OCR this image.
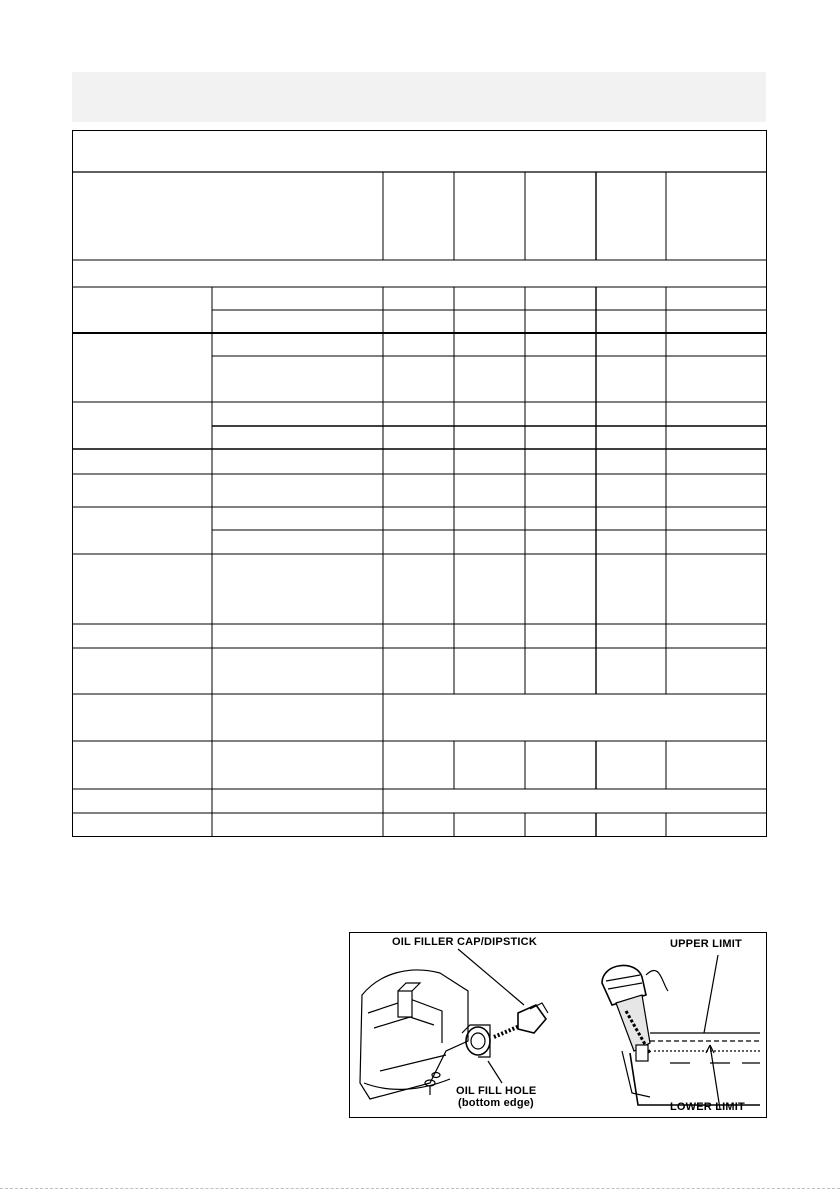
OIL FILLER CAP/DIPSTICK
OIL FILL HOLE
(bottom edge)
UPPER LIMIT
LOWER LIMIT
